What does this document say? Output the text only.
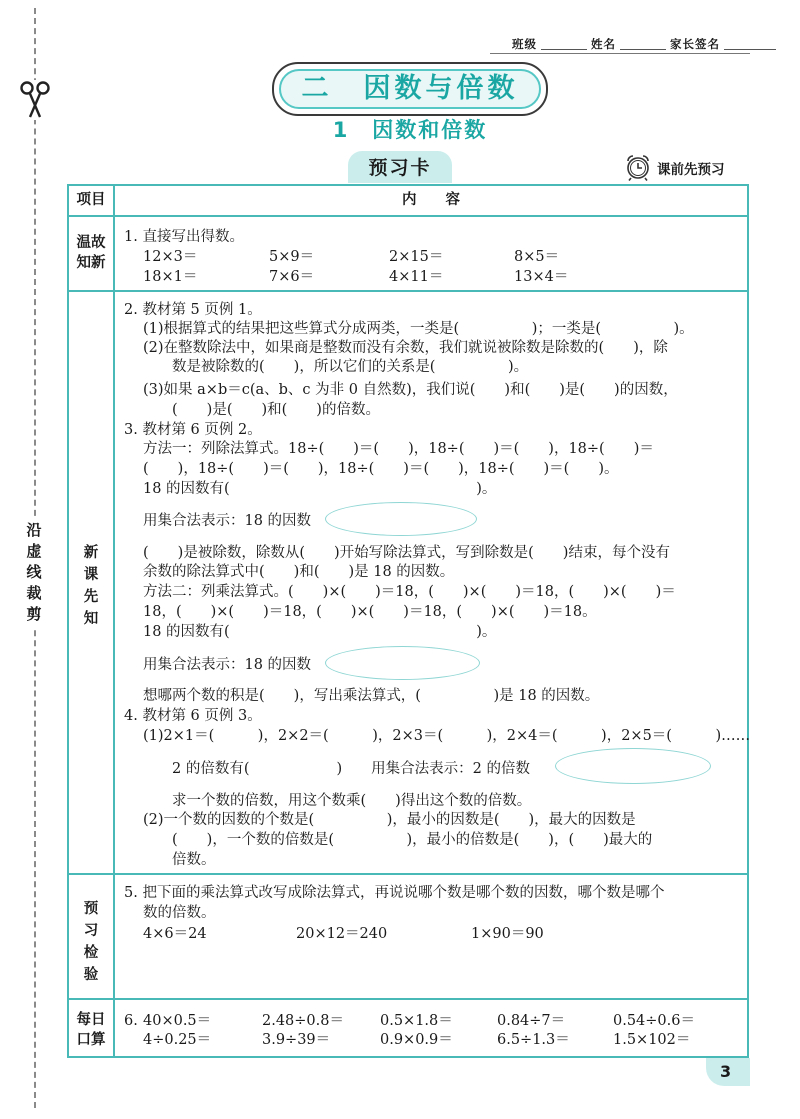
沿
虚
线
裁
剪
班级	姓名	家长签名
二　因数与倍数
1　因数和倍数
预习卡	课前先预习
项目	内　　容
温故
知新
新
课
先
知
预
习
检
验
每日
口算
1. 直接写出得数。
12×3＝	5×9＝	2×15＝	8×5＝
18×1＝	7×6＝	4×11＝	13×4＝
2. 教材第 5 页例 1。
(1)根据算式的结果把这些算式分成两类，一类是(　　　　　)；一类是(　　　　　)。
(2)在整数除法中，如果商是整数而没有余数，我们就说被除数是除数的(　　)，除
数是被除数的(　　)，所以它们的关系是(　　　　　)。
(3)如果 a×b＝c(a、b、c 为非 0 自然数)，我们说(　　)和(　　)是(　　)的因数，
(　　)是(　　)和(　　)的倍数。
3. 教材第 6 页例 2。
方法一：列除法算式。18÷(　　)＝(　　)，18÷(　　)＝(　　)，18÷(　　)＝
(　　)，18÷(　　)＝(　　)，18÷(　　)＝(　　)，18÷(　　)＝(　　)。
18 的因数有(　　　　　　　　　　　　　　　　　)。
用集合法表示：18 的因数
(　　)是被除数，除数从(　　)开始写除法算式，写到除数是(　　)结束，每个没有
余数的除法算式中(　　)和(　　)是 18 的因数。
方法二：列乘法算式。(　　)×(　　)＝18，(　　)×(　　)＝18，(　　)×(　　)＝
18，(　　)×(　　)＝18，(　　)×(　　)＝18，(　　)×(　　)＝18。
18 的因数有(　　　　　　　　　　　　　　　　　)。
用集合法表示：18 的因数
想哪两个数的积是(　　)，写出乘法算式，(　　　　　)是 18 的因数。
4. 教材第 6 页例 3。
(1)2×1＝(　　　)，2×2＝(　　　)，2×3＝(　　　)，2×4＝(　　　)，2×5＝(　　　)……
2 的倍数有(　　　　　　)　　用集合法表示：2 的倍数
求一个数的倍数，用这个数乘(　　)得出这个数的倍数。
(2)一个数的因数的个数是(　　　　　)，最小的因数是(　　)，最大的因数是
(　　)，一个数的倍数是(　　　　　)，最小的倍数是(　　)，(　　)最大的
倍数。
5. 把下面的乘法算式改写成除法算式，再说说哪个数是哪个数的因数，哪个数是哪个
数的倍数。
4×6＝24	20×12＝240	1×90＝90
6. 40×0.5＝	2.48÷0.8＝ 0.5×1.8＝	0.84÷7＝	0.54÷0.6＝
4÷0.25＝	3.9÷39＝	0.9×0.9＝	6.5÷1.3＝	1.5×102＝
3
